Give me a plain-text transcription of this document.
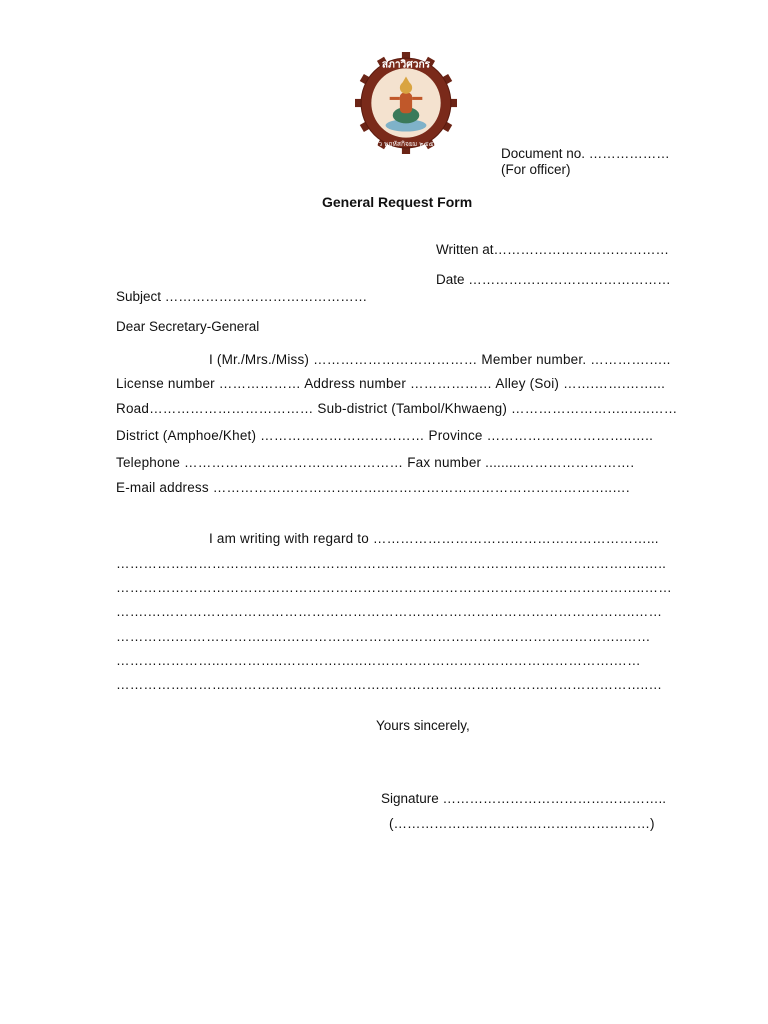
สภาวิศวกร
กว พฤหัสกิจยม ๒๕๕๐
Document no. ………………
(For officer)
General Request Form
Written at…………………………………
Date ………………………………………
Subject ………………………………………
Dear Secretary-General
I (Mr./Mrs./Miss) ……………………………… Member number. ………….…..
License number ……………… Address number ……………… Alley (Soi) …….…….……...
Road……………………………… Sub-district (Tambol/Khwaeng) ……………………..…..……
District (Amphoe/Khet) ……………………………… Province …………………………..…..
Telephone ………………………………………… Fax number .........…………………….
E-mail address ………………………………..…………………………………………..….
I am writing with regard to ……………………………………………………...
……………………………………………………………………………………………………..…..
……………………………………………………………………………………………………..……
…….……………………………………………………………………………………………..……
………….….……………..….………………………………………………………………..……
…………………..…………..………….…..……………………………………………….……
…………………….………………………………………………………………………………..…
Yours sincerely,
Signature …………………………………………..
(…………………………………………………)
